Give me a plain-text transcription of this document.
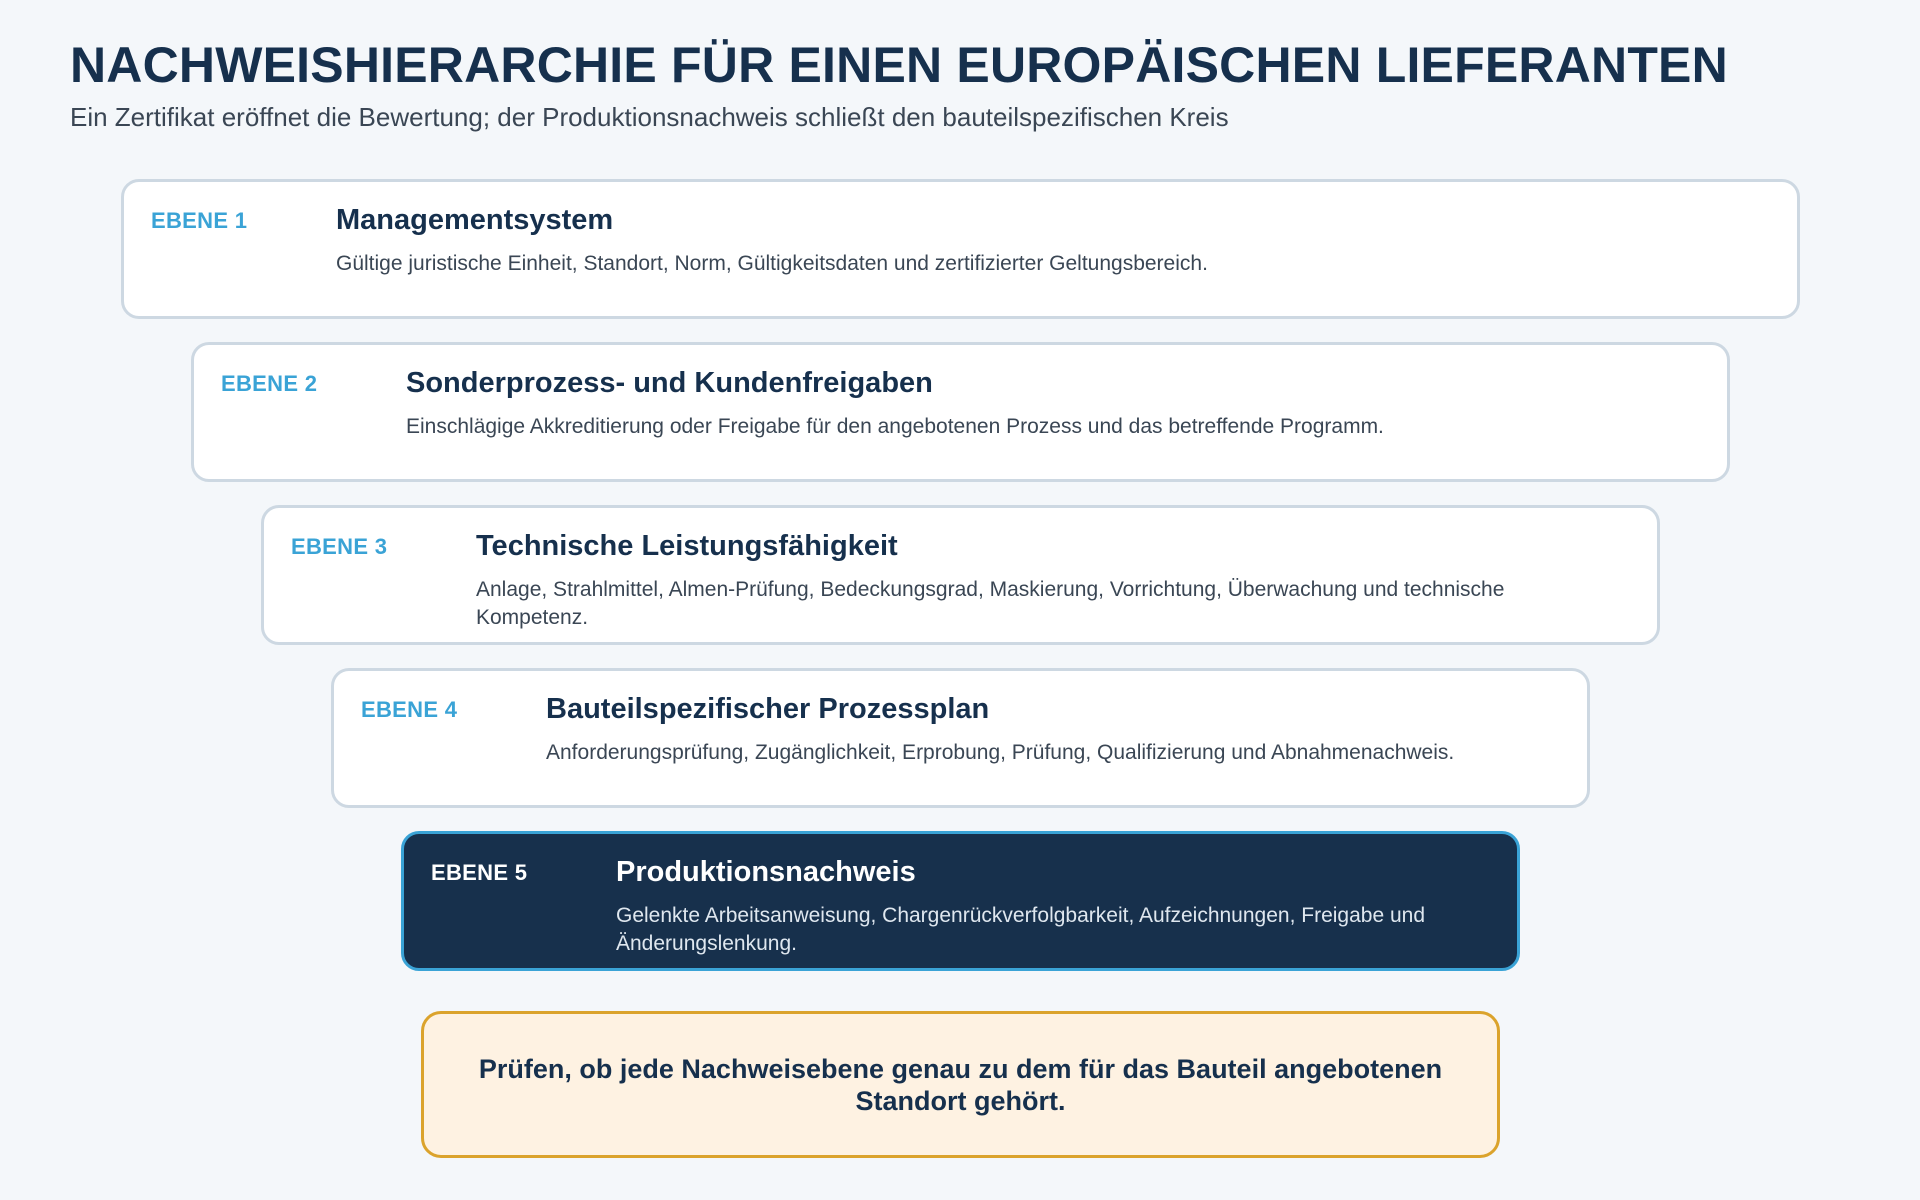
NACHWEISHIERARCHIE FÜR EINEN EUROPÄISCHEN LIEFERANTEN

Ein Zertifikat eröffnet die Bewertung; der Produktionsnachweis schließt den bauteilspezifischen Kreis

EBENE 1	Managementsystem

Gültige juristische Einheit, Standort, Norm, Gültigkeitsdaten und zertifizierter Geltungsbereich.

EBENE 2	Sonderprozess- und Kundenfreigaben

Einschlägige Akkreditierung oder Freigabe für den angebotenen Prozess und das betreffende Programm.

EBENE 3	Technische Leistungsfähigkeit

Anlage, Strahlmittel, Almen-Prüfung, Bedeckungsgrad, Maskierung, Vorrichtung, Überwachung und technische Kompetenz.

EBENE 4	Bauteilspezifischer Prozessplan

Anforderungsprüfung, Zugänglichkeit, Erprobung, Prüfung, Qualifizierung und Abnahmenachweis.

EBENE 5	Produktionsnachweis

Gelenkte Arbeitsanweisung, Chargenrückverfolgbarkeit, Aufzeichnungen, Freigabe und Änderungslenkung.

Prüfen, ob jede Nachweisebene genau zu dem für das Bauteil angebotenen Standort gehört.
